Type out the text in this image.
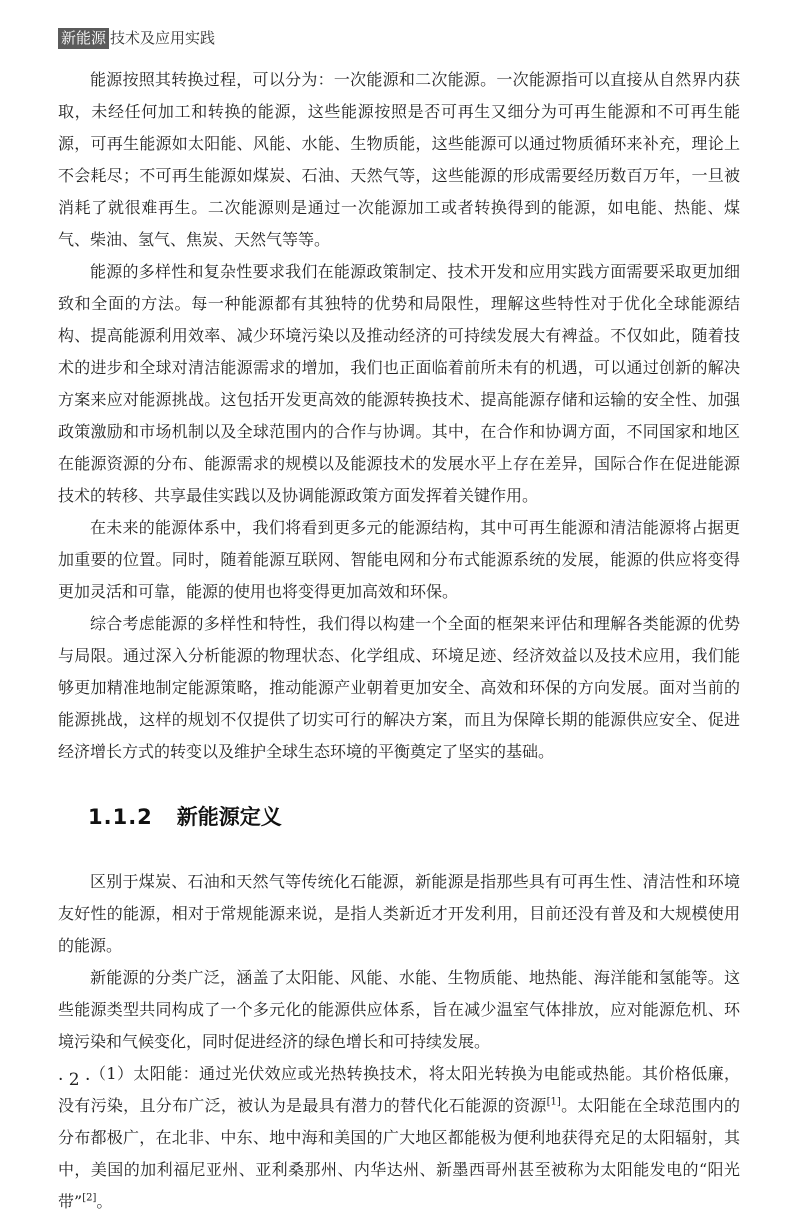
新能源 技术及应用实践

能源按照其转换过程，可以分为：一次能源和二次能源。一次能源指可以直接从自然界内获取，未经任何加工和转换的能源，这些能源按照是否可再生又细分为可再生能源和不可再生能源，可再生能源如太阳能、风能、水能、生物质能，这些能源可以通过物质循环来补充，理论上不会耗尽；不可再生能源如煤炭、石油、天然气等，这些能源的形成需要经历数百万年，一旦被消耗了就很难再生。二次能源则是通过一次能源加工或者转换得到的能源，如电能、热能、煤气、柴油、氢气、焦炭、天然气等等。

能源的多样性和复杂性要求我们在能源政策制定、技术开发和应用实践方面需要采取更加细致和全面的方法。每一种能源都有其独特的优势和局限性，理解这些特性对于优化全球能源结构、提高能源利用效率、减少环境污染以及推动经济的可持续发展大有裨益。不仅如此，随着技术的进步和全球对清洁能源需求的增加，我们也正面临着前所未有的机遇，可以通过创新的解决方案来应对能源挑战。这包括开发更高效的能源转换技术、提高能源存储和运输的安全性、加强政策激励和市场机制以及全球范围内的合作与协调。其中，在合作和协调方面，不同国家和地区在能源资源的分布、能源需求的规模以及能源技术的发展水平上存在差异，国际合作在促进能源技术的转移、共享最佳实践以及协调能源政策方面发挥着关键作用。

在未来的能源体系中，我们将看到更多元的能源结构，其中可再生能源和清洁能源将占据更加重要的位置。同时，随着能源互联网、智能电网和分布式能源系统的发展，能源的供应将变得更加灵活和可靠，能源的使用也将变得更加高效和环保。

综合考虑能源的多样性和特性，我们得以构建一个全面的框架来评估和理解各类能源的优势与局限。通过深入分析能源的物理状态、化学组成、环境足迹、经济效益以及技术应用，我们能够更加精准地制定能源策略，推动能源产业朝着更加安全、高效和环保的方向发展。面对当前的能源挑战，这样的规划不仅提供了切实可行的解决方案，而且为保障长期的能源供应安全、促进经济增长方式的转变以及维护全球生态环境的平衡奠定了坚实的基础。

1.1.2 新能源定义

区别于煤炭、石油和天然气等传统化石能源，新能源是指那些具有可再生性、清洁性和环境友好性的能源，相对于常规能源来说，是指人类新近才开发利用，目前还没有普及和大规模使用的能源。

新能源的分类广泛，涵盖了太阳能、风能、水能、生物质能、地热能、海洋能和氢能等。这些能源类型共同构成了一个多元化的能源供应体系，旨在减少温室气体排放，应对能源危机、环境污染和气候变化，同时促进经济的绿色增长和可持续发展。

（1）太阳能：通过光伏效应或光热转换技术，将太阳光转换为电能或热能。其价格低廉，没有污染，且分布广泛，被认为是最具有潜力的替代化石能源的资源[1]。太阳能在全球范围内的分布都极广，在北非、中东、地中海和美国的广大地区都能极为便利地获得充足的太阳辐射，其中，美国的加利福尼亚州、亚利桑那州、内华达州、新墨西哥州甚至被称为太阳能发电的“阳光带”[2]。

· 2 ·
